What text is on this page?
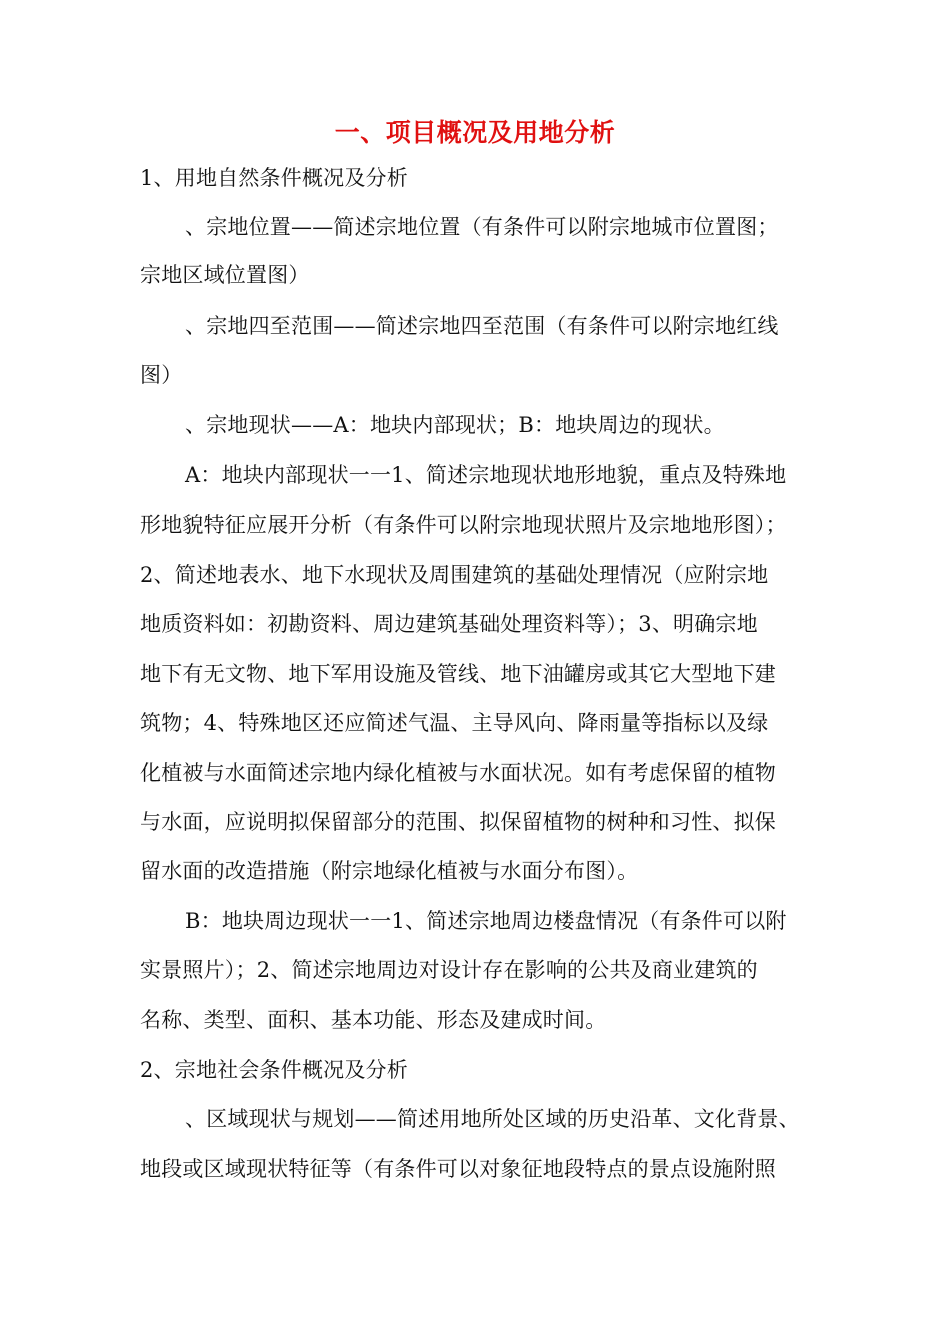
一、项目概况及用地分析
1、用地自然条件概况及分析
、宗地位置——简述宗地位置（有条件可以附宗地城市位置图；
宗地区域位置图）
、宗地四至范围——简述宗地四至范围（有条件可以附宗地红线
图）
、宗地现状——A：地块内部现状；B：地块周边的现状。
A：地块内部现状一一1、简述宗地现状地形地貌，重点及特殊地
形地貌特征应展开分析（有条件可以附宗地现状照片及宗地地形图）；
2、简述地表水、地下水现状及周围建筑的基础处理情况（应附宗地
地质资料如：初勘资料、周边建筑基础处理资料等）；3、明确宗地
地下有无文物、地下军用设施及管线、地下油罐房或其它大型地下建
筑物；4、特殊地区还应简述气温、主导风向、降雨量等指标以及绿
化植被与水面简述宗地内绿化植被与水面状况。如有考虑保留的植物
与水面，应说明拟保留部分的范围、拟保留植物的树种和习性、拟保
留水面的改造措施（附宗地绿化植被与水面分布图）。
B：地块周边现状一一1、简述宗地周边楼盘情况（有条件可以附
实景照片）；2、简述宗地周边对设计存在影响的公共及商业建筑的
名称、类型、面积、基本功能、形态及建成时间。
2、宗地社会条件概况及分析
、区域现状与规划——简述用地所处区域的历史沿革、文化背景、
地段或区域现状特征等（有条件可以对象征地段特点的景点设施附照
